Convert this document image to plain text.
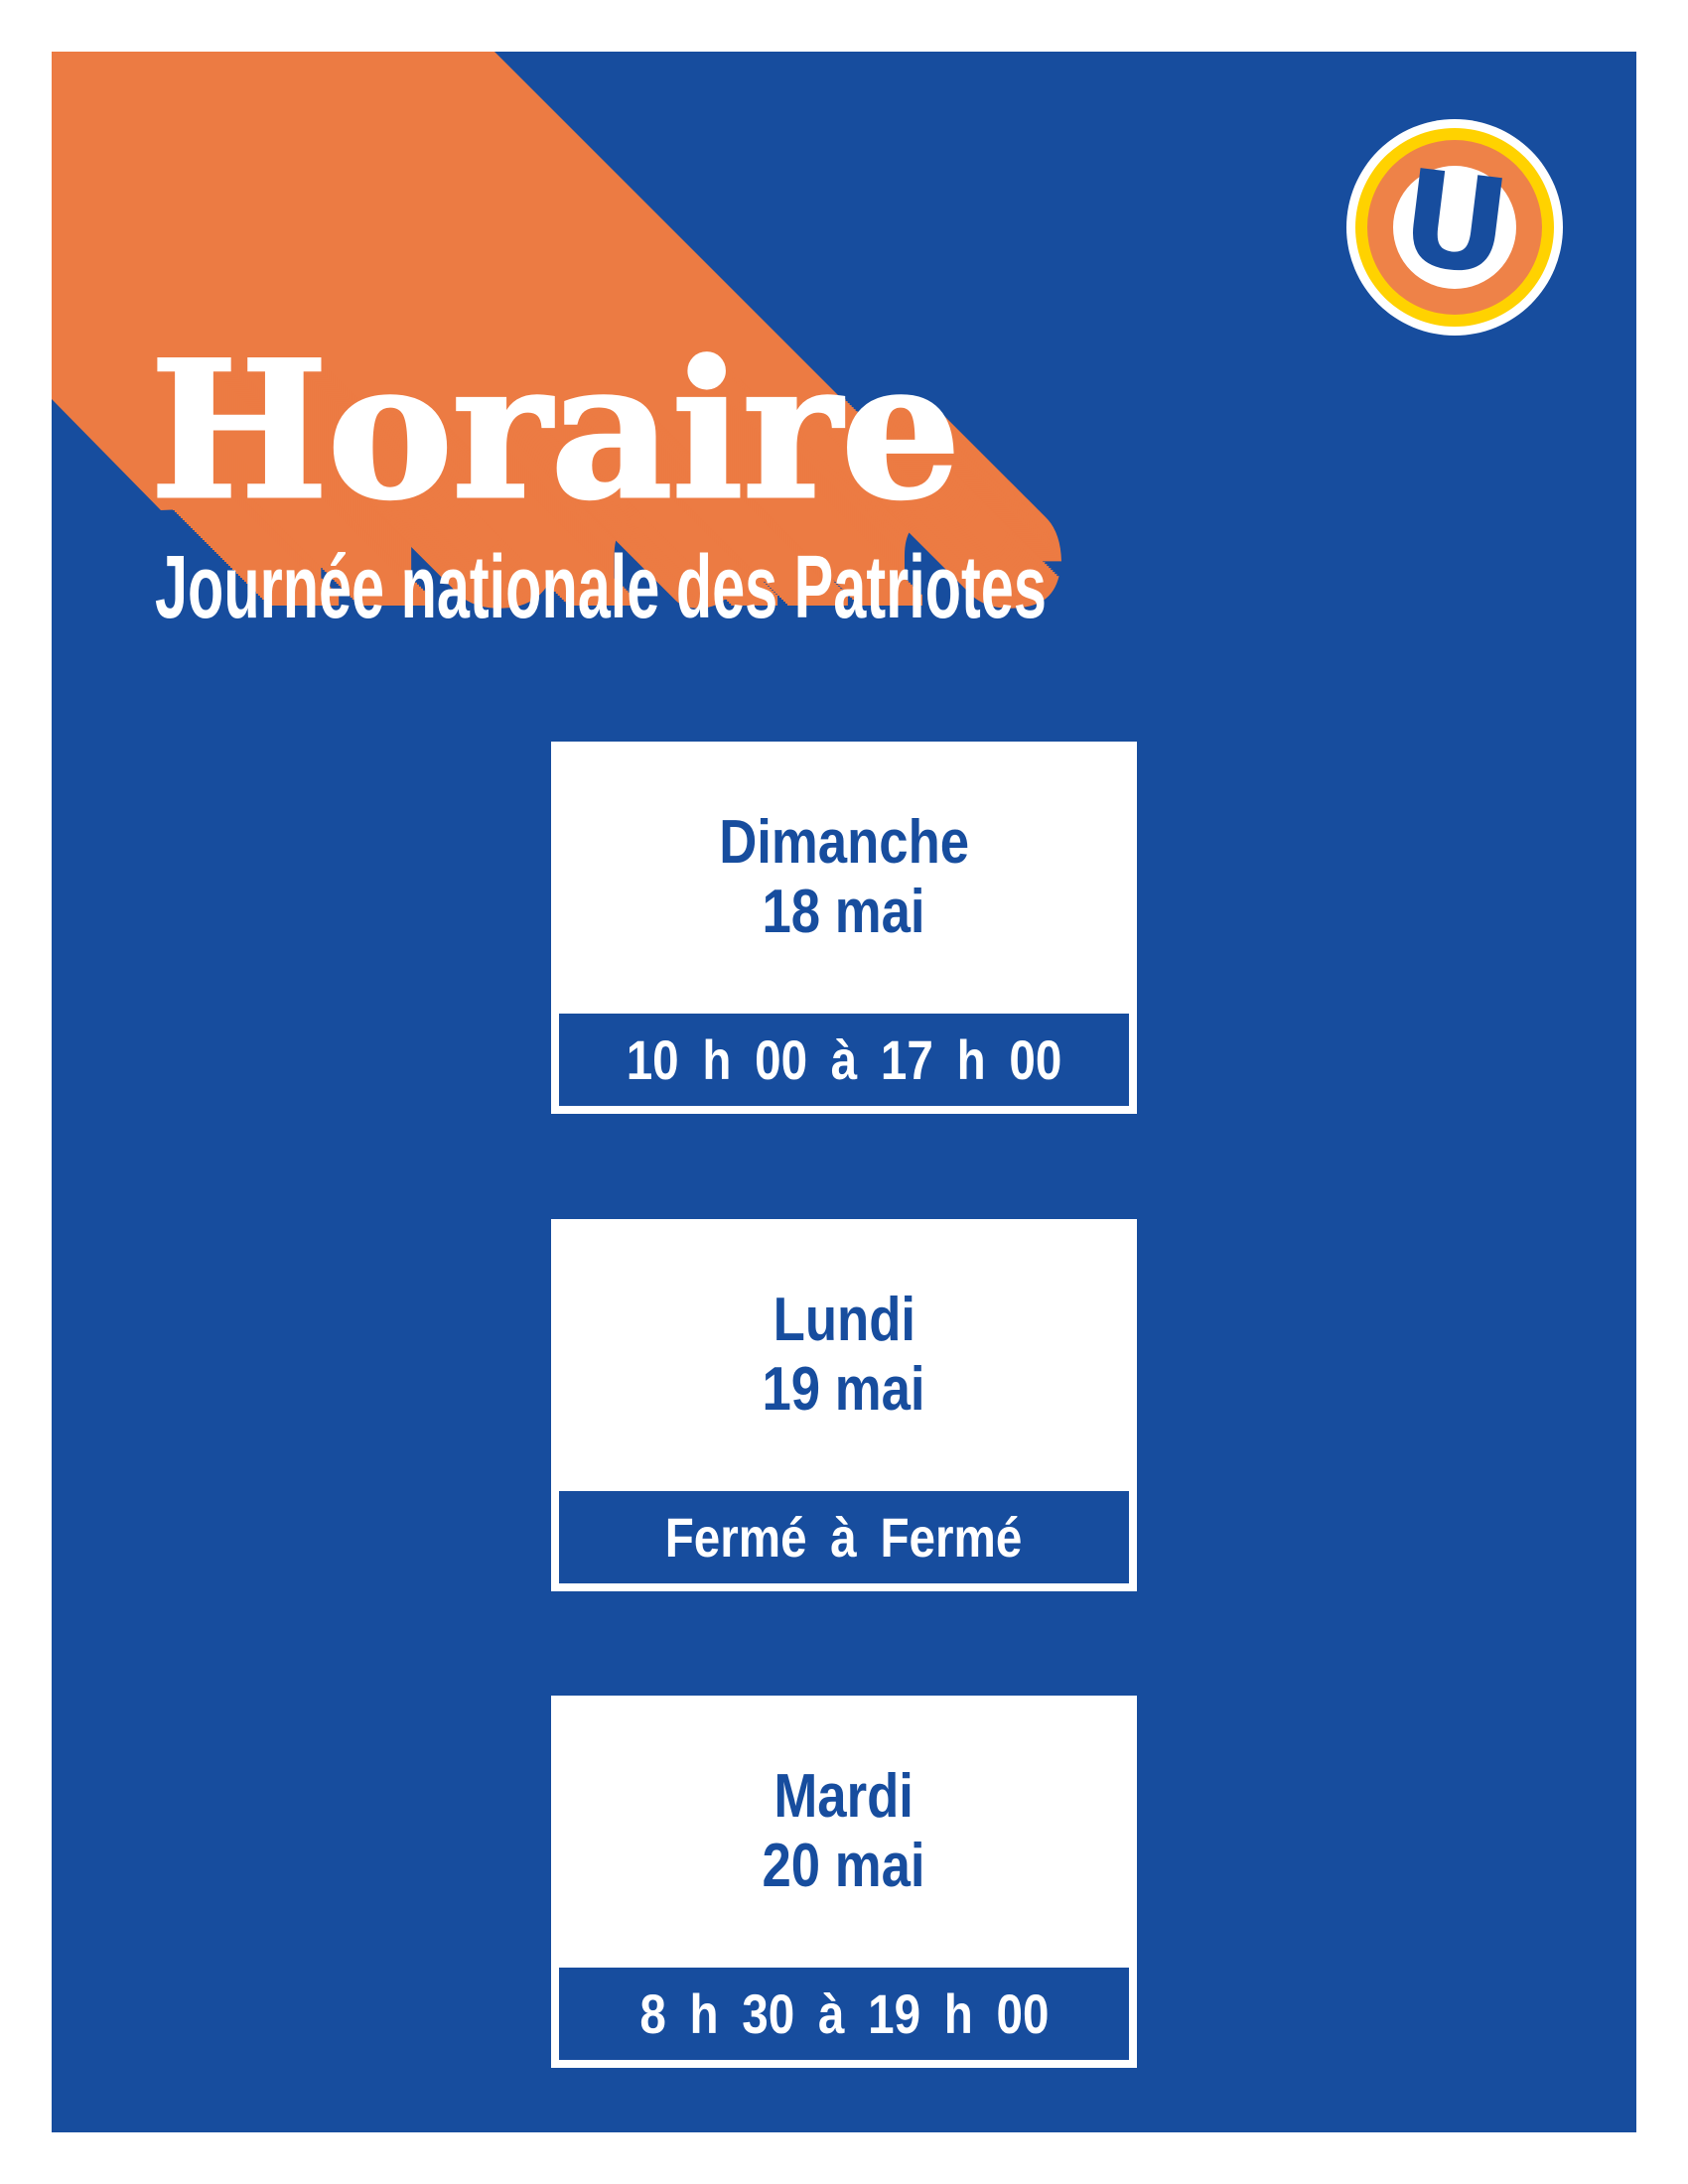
Horaire
Journée nationale des Patriotes
U
Dimanche
18 mai
10 h 00 à 17 h 00
Lundi
19 mai
Fermé à Fermé
Mardi
20 mai
8 h 30 à 19 h 00
